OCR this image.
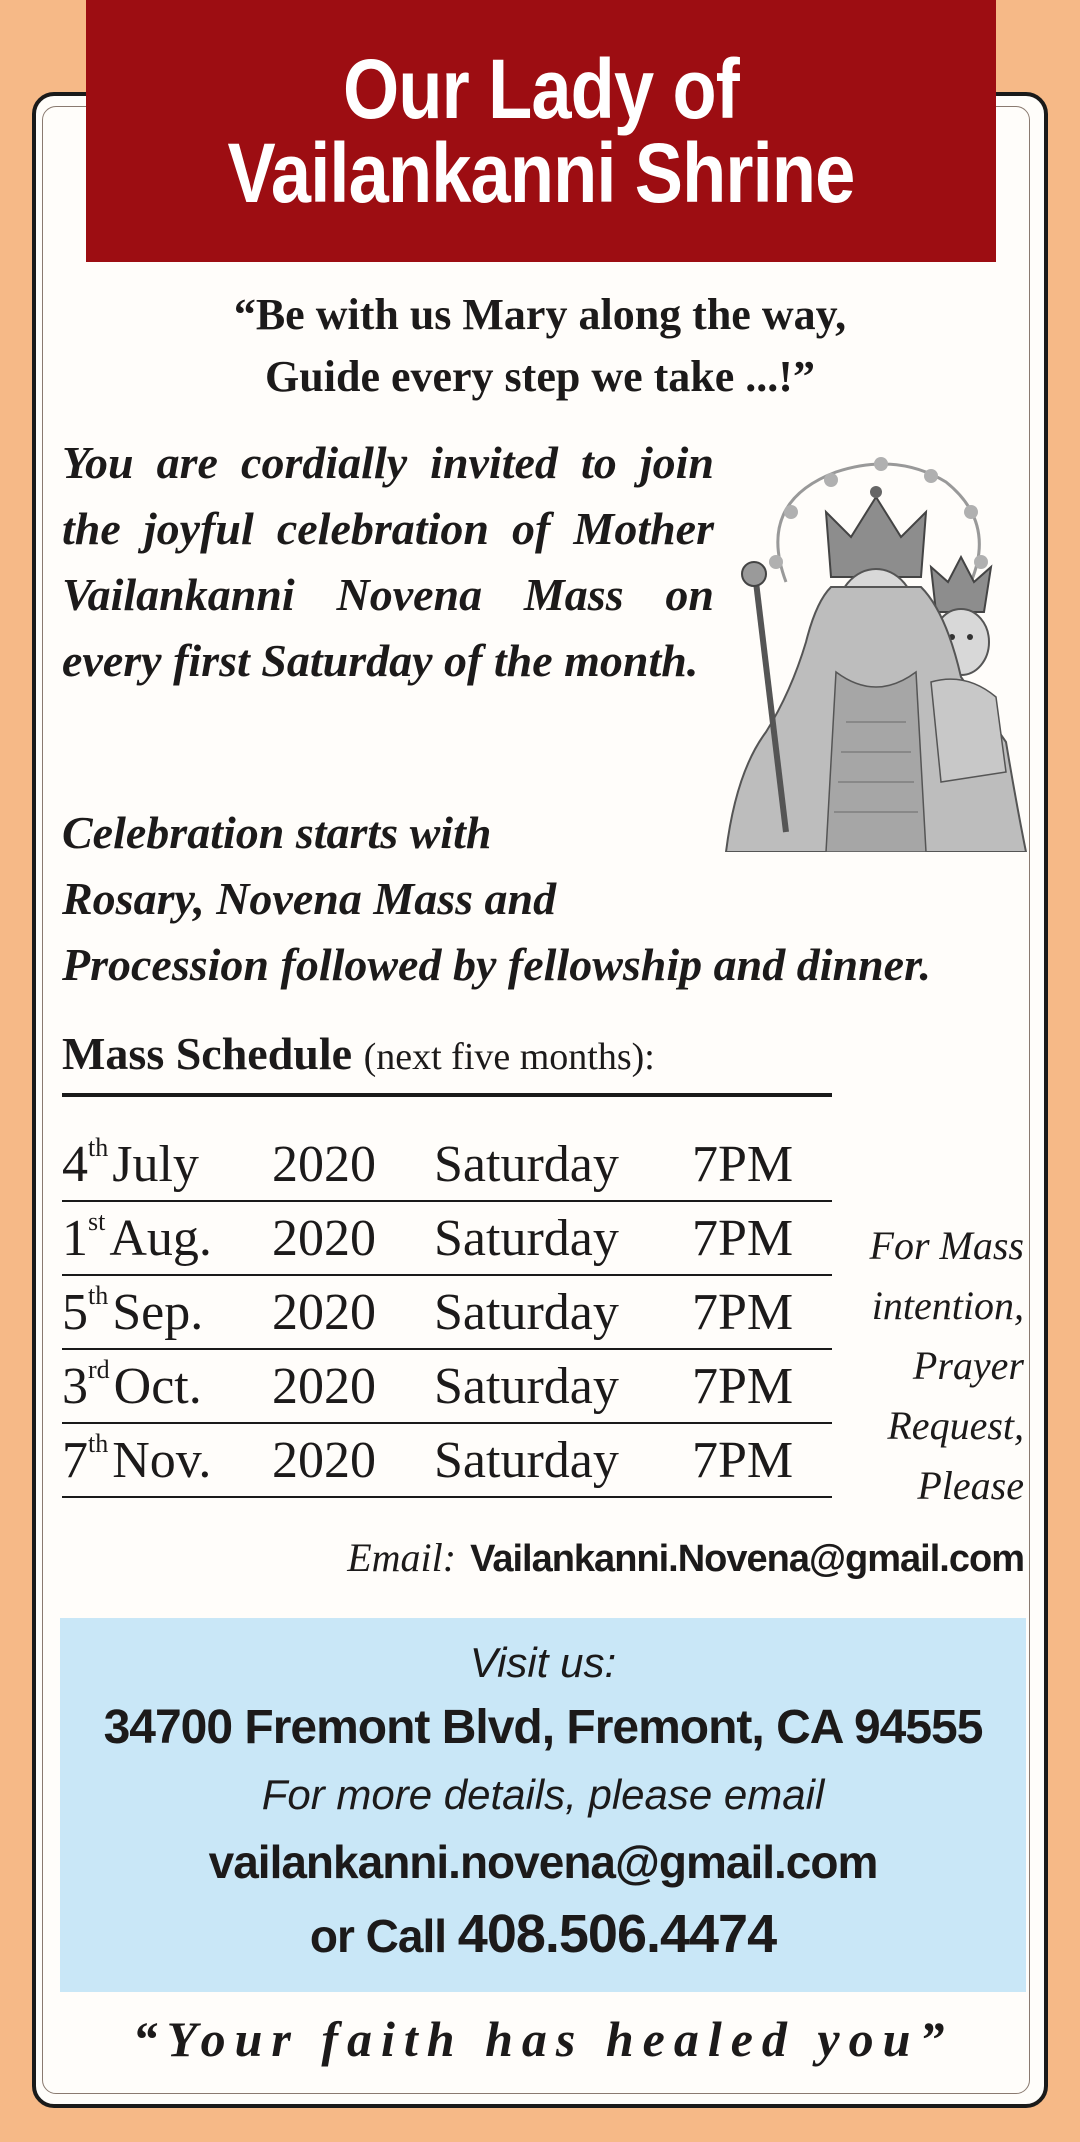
Our Lady of
Vailankanni Shrine
“Be with us Mary along the way,
Guide every step we take ...!”
You are cordially invited to join the joyful celebration of Mother Vailankanni Novena Mass on every first Saturday of the month.
Celebration starts with
Rosary, Novena Mass and
Procession followed by fellowship and dinner.
Mass Schedule (next five months):
4thJuly	2020	Saturday	7PM
1stAug.	2020	Saturday	7PM
5thSep.	2020	Saturday	7PM
3rdOct.	2020	Saturday	7PM
7thNov.	2020	Saturday	7PM
For Mass
intention,
Prayer
Request,
Please
Email: Vailankanni.Novena@gmail.com
Visit us:
34700 Fremont Blvd, Fremont, CA 94555
For more details, please email
vailankanni.novena@gmail.com
or Call 408.506.4474
“Your faith has healed you”
